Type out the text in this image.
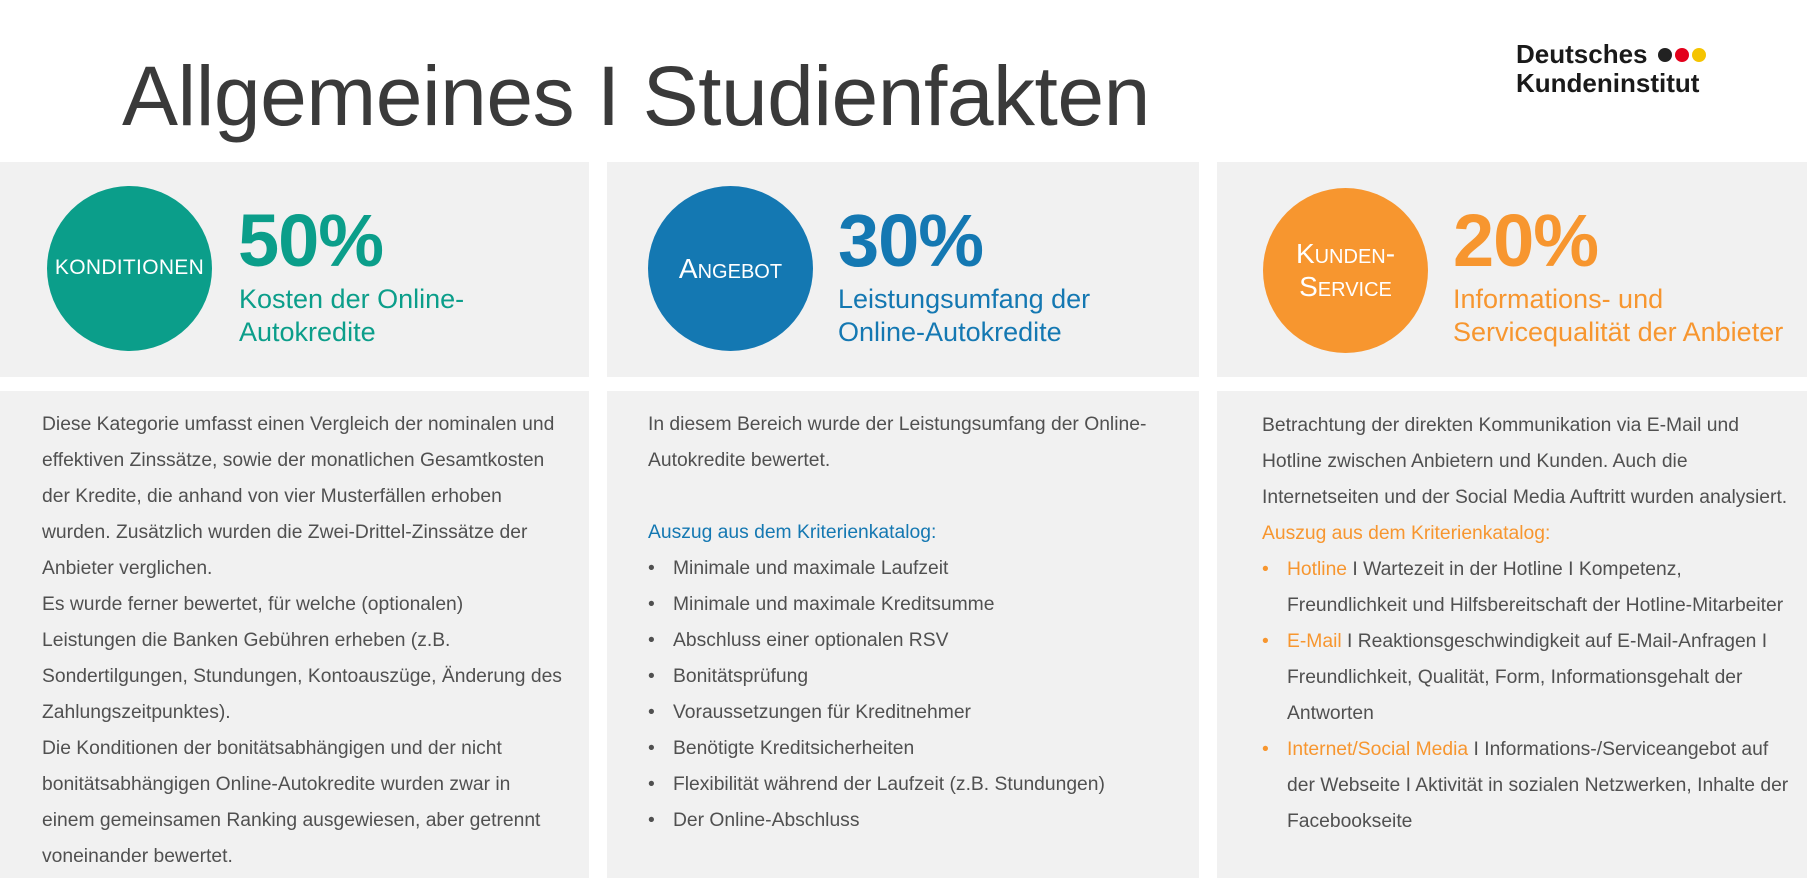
Allgemeines I Studienfakten	Deutsches
Kundeninstitut
KONDITIONEN 50%
Kosten der Online-
Autokredite
Angebot 30%
Leistungsumfang der
Online-Autokredite
Kunden-
Service
20%
Informations- und
Servicequalität der Anbieter

Diese Kategorie umfasst einen Vergleich der nominalen und effektiven Zinssätze, sowie der monatlichen Gesamtkosten der Kredite, die anhand von vier Musterfällen erhoben wurden. Zusätzlich wurden die Zwei-Drittel-Zinssätze der Anbieter verglichen.

Es wurde ferner bewertet, für welche (optionalen) Leistungen die Banken Gebühren erheben (z.B. Sondertilgungen, Stundungen, Kontoauszüge, Änderung des Zahlungszeitpunktes).

Die Konditionen der bonitätsabhängigen und der nicht bonitätsabhängigen Online-Autokredite wurden zwar in einem gemeinsamen Ranking ausgewiesen, aber getrennt voneinander bewertet.

In diesem Bereich wurde der Leistungsumfang der Online-Autokredite bewertet.

Auszug aus dem Kriterienkatalog:

• Minimale und maximale Laufzeit
• Minimale und maximale Kreditsumme
• Abschluss einer optionalen RSV
• Bonitätsprüfung
• Voraussetzungen für Kreditnehmer
• Benötigte Kreditsicherheiten
• Flexibilität während der Laufzeit (z.B. Stundungen)
• Der Online-Abschluss

Betrachtung der direkten Kommunikation via E-Mail und Hotline zwischen Anbietern und Kunden. Auch die Internetseiten und der Social Media Auftritt wurden analysiert.

Auszug aus dem Kriterienkatalog:

• Hotline I Wartezeit in der Hotline I Kompetenz, Freundlichkeit und Hilfsbereitschaft der Hotline-Mitarbeiter
• E-Mail I Reaktionsgeschwindigkeit auf E-Mail-Anfragen I Freundlichkeit, Qualität, Form, Informationsgehalt der Antworten
• Internet/Social Media I Informations-/Serviceangebot auf der Webseite I Aktivität in sozialen Netzwerken, Inhalte der Facebookseite
